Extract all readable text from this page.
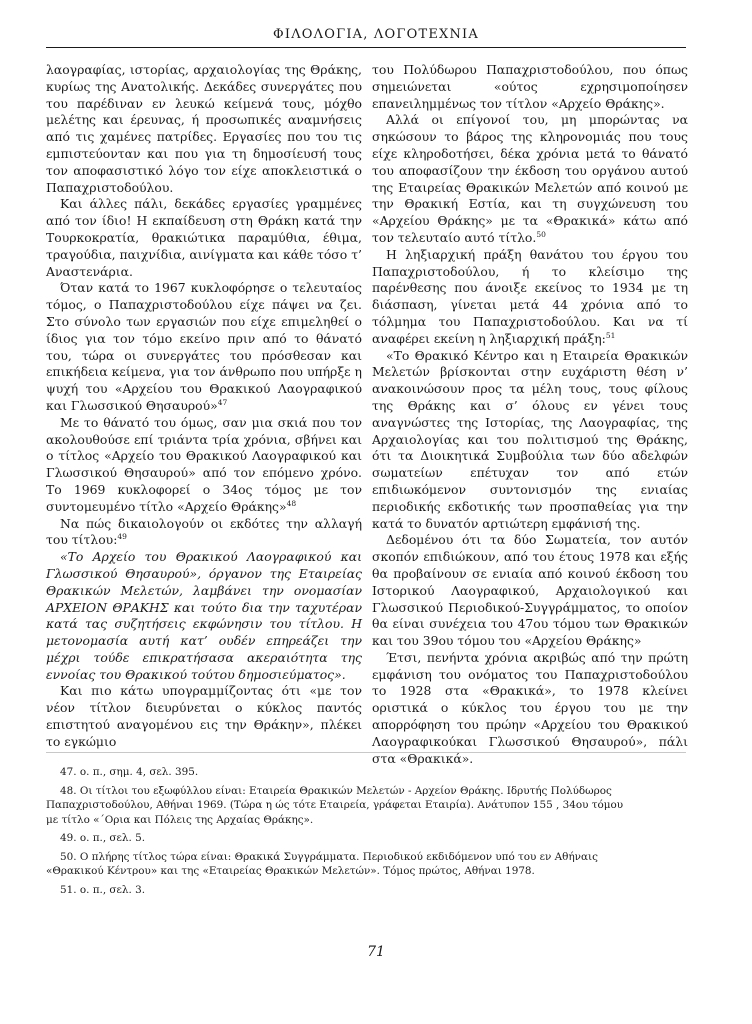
ΦΙΛΟΛΟΓΙΑ, ΛΟΓΟΤΕΧΝΙΑ

λαογραφίας, ιστορίας, αρχαιολογίας της Θράκης, κυρίως της Ανατολικής. Δεκάδες συνεργάτες που του παρέδιναν εν λευκώ κείμενά τους, μόχθο μελέτης και έρευνας, ή προσωπικές αναμνήσεις από τις χαμένες πατρίδες. Εργασίες που του τις εμπιστεύονταν και που για τη δημοσίευσή τους τον αποφασιστικό λόγο τον είχε αποκλειστικά ο Παπαχριστοδούλου.

Και άλλες πάλι, δεκάδες εργασίες γραμμένες από τον ίδιο! Η εκπαίδευση στη Θράκη κατά την Τουρκοκρατία, θρακιώτικα παραμύθια, έθιμα, τραγούδια, παιχνίδια, αινίγματα και κάθε τόσο τ’ Αναστενάρια.

Όταν κατά το 1967 κυκλοφόρησε ο τελευταίος τόμος, ο Παπαχριστοδούλου είχε πάψει να ζει. Στο σύνολο των εργασιών που είχε επιμεληθεί ο ίδιος για τον τόμο εκείνο πριν από το θάνατό του, τώρα οι συνεργάτες του πρόσθεσαν και επικήδεια κείμενα, για τον άνθρωπο που υπήρξε η ψυχή του «Αρχείου του Θρακικού Λαογραφικού και Γλωσσικού Θησαυρού»$^{47}$

Με το θάνατό του όμως, σαν μια σκιά που τον ακολουθούσε επί τριάντα τρία χρόνια, σβήνει και ο τίτλος «Αρχείο του Θρακικού Λαογραφικού και Γλωσσικού Θησαυρού» από τον επόμενο χρόνο. Το 1969 κυκλοφορεί ο 34ος τόμος με τον συντομευμένο τίτλο «Αρχείο Θράκης»$^{48}$

Να πώς δικαιολογούν οι εκδότες την αλλαγή του τίτλου:$^{49}$

«Το Αρχείο του Θρακικού Λαογραφικού και Γλωσσικού Θησαυρού», όργανον της Εταιρείας Θρακικών Μελετών, λαμβάνει την ονομασίαν ΑΡΧΕΙΟΝ ΘΡΑΚΗΣ και τούτο δια την ταχυτέραν κατά τας συζητήσεις εκφώνησιν του τίτλου. Η μετονομασία αυτή κατ’ ουδέν επηρεάζει την μέχρι τούδε επικρατήσασα ακεραιότητα της εννοίας του Θρακικού τούτου δημοσιεύματος».

Και πιο κάτω υπογραμμίζοντας ότι «με τον νέον τίτλον διευρύνεται ο κύκλος παντός επιστητού αναγομένου εις την Θράκην», πλέκει το εγκώμιο

του Πολύδωρου Παπαχριστοδούλου, που όπως σημειώνεται «ούτος εχρησιμοποίησεν επανειλημμένως τον τίτλον «Αρχείο Θράκης».

Αλλά οι επίγονοί του, μη μπορώντας να σηκώσουν το βάρος της κληρονομιάς που τους είχε κληροδοτήσει, δέκα χρόνια μετά το θάνατό του αποφασίζουν την έκδοση του οργάνου αυτού της Εταιρείας Θρακικών Μελετών από κοινού με την Θρακική Εστία, και τη συγχώνευση του «Αρχείου Θράκης» με τα «Θρακικά» κάτω από τον τελευταίο αυτό τίτλο.$^{50}$

Η ληξιαρχική πράξη θανάτου του έργου του Παπαχριστοδούλου, ή το κλείσιμο της παρένθεσης που άνοιξε εκείνος το 1934 με τη διάσπαση, γίνεται μετά 44 χρόνια από το τόλμημα του Παπαχριστοδούλου. Και να τί αναφέρει εκείνη η ληξιαρχική πράξη:$^{51}$

«Το Θρακικό Κέντρο και η Εταιρεία Θρακικών Μελετών βρίσκονται στην ευχάριστη θέση ν’ ανακοινώσουν προς τα μέλη τους, τους φίλους της Θράκης και σ’ όλους εν γένει τους αναγνώστες της Ιστορίας, της Λαογραφίας, της Αρχαιολογίας και του πολιτισμού της Θράκης, ότι τα Διοικητικά Συμβούλια των δύο αδελφών σωματείων επέτυχαν τον από ετών επιδιωκόμενον συντονισμόν της ενιαίας περιοδικής εκδοτικής των προσπαθείας για την κατά το δυνατόν αρτιώτερη εμφάνισή της.

Δεδομένου ότι τα δύο Σωματεία, τον αυτόν σκοπόν επιδιώκουν, από του έτους 1978 και εξής θα προβαίνουν σε ενιαία από κοινού έκδοση του Ιστορικού Λαογραφικού, Αρχαιολογικού και Γλωσσικού Περιοδικού-Συγγράμματος, το οποίον θα είναι συνέχεια του 47ου τόμου των Θρακικών και του 39ου τόμου του «Αρχείου Θράκης»

Έτσι, πενήντα χρόνια ακριβώς από την πρώτη εμφάνιση του ονόματος του Παπαχριστοδούλου το 1928 στα «Θρακικά», το 1978 κλείνει οριστικά ο κύκλος του έργου του με την απορρόφηση του πρώην «Αρχείου του Θρακικού Λαογραφικούκαι Γλωσσικού Θησαυρού», πάλι στα «Θρακικά».

47. ο. π., σημ. 4, σελ. 395.

48. Οι τίτλοι του εξωφύλλου είναι: Εταιρεία Θρακικών Μελετών - Αρχείον Θράκης. Ιδρυτής Πολύδωρος Παπαχριστοδούλου, Αθήναι 1969. (Τώρα η ώς τότε Εταιρεία, γράφεται Εταιρία). Ανάτυπον 155 , 34ου τόμου με τίτλο «΄Ορια και Πόλεις της Αρχαίας Θράκης».

49. ο. π., σελ. 5.

50. Ο πλήρης τίτλος τώρα είναι: Θρακικά Συγγράμματα. Περιοδικού εκδιδόμενον υπό του εν Αθήναις «Θρακικού Κέντρου» και της «Εταιρείας Θρακικών Μελετών». Τόμος πρώτος, Αθήναι 1978.

51. ο. π., σελ. 3.

71
